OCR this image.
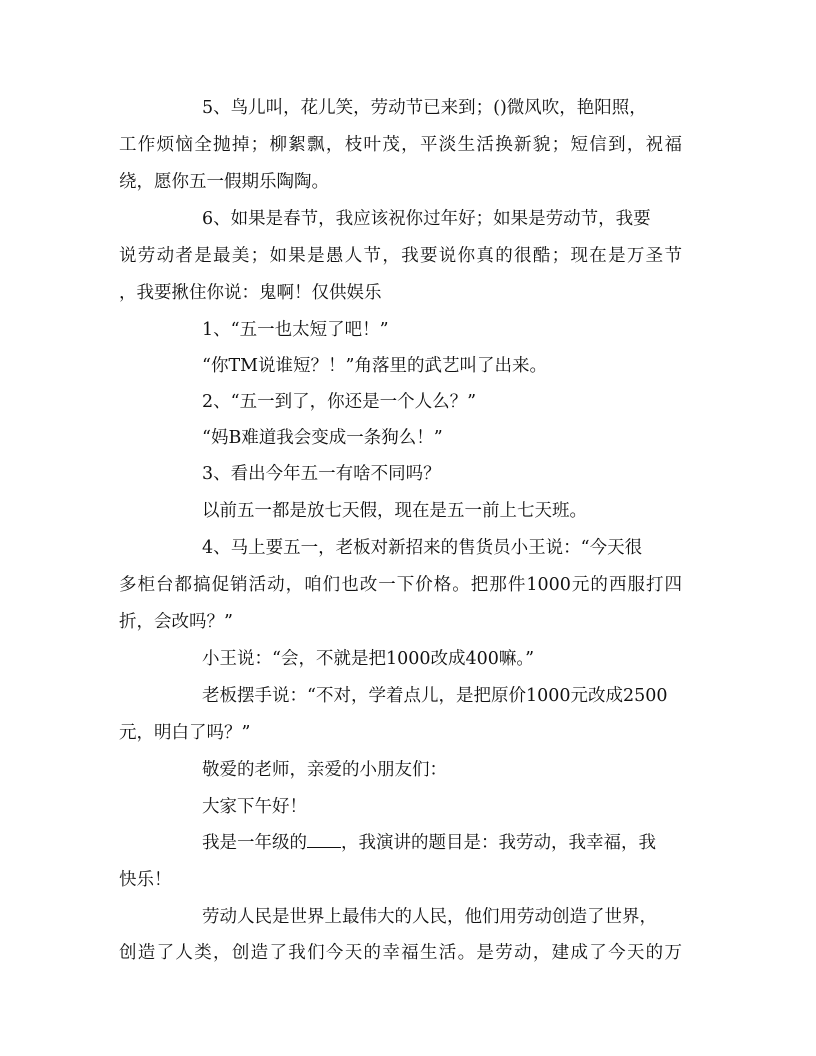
5、鸟儿叫，花儿笑，劳动节已来到；()微风吹，艳阳照，
工作烦恼全抛掉；柳絮飘，枝叶茂，平淡生活换新貌；短信到，祝福
绕，愿你五一假期乐陶陶。
6、如果是春节，我应该祝你过年好；如果是劳动节，我要
说劳动者是最美；如果是愚人节，我要说你真的很酷；现在是万圣节
，我要揪住你说：鬼啊！仅供娱乐
1、“五一也太短了吧！”
“你TM说谁短？！”角落里的武艺叫了出来。
2、“五一到了，你还是一个人么？”
“妈B难道我会变成一条狗么！”
3、看出今年五一有啥不同吗？
以前五一都是放七天假，现在是五一前上七天班。
4、马上要五一，老板对新招来的售货员小王说：“今天很
多柜台都搞促销活动，咱们也改一下价格。把那件1000元的西服打四
折，会改吗？”
小王说：“会，不就是把1000改成400嘛。”
老板摆手说：“不对，学着点儿，是把原价1000元改成2500
元，明白了吗？”
敬爱的老师，亲爱的小朋友们：
大家下午好！
我是一年级的 ，我演讲的题目是：我劳动，我幸福，我
快乐！
劳动人民是世界上最伟大的人民，他们用劳动创造了世界，
创造了人类，创造了我们今天的幸福生活。是劳动，建成了今天的万
